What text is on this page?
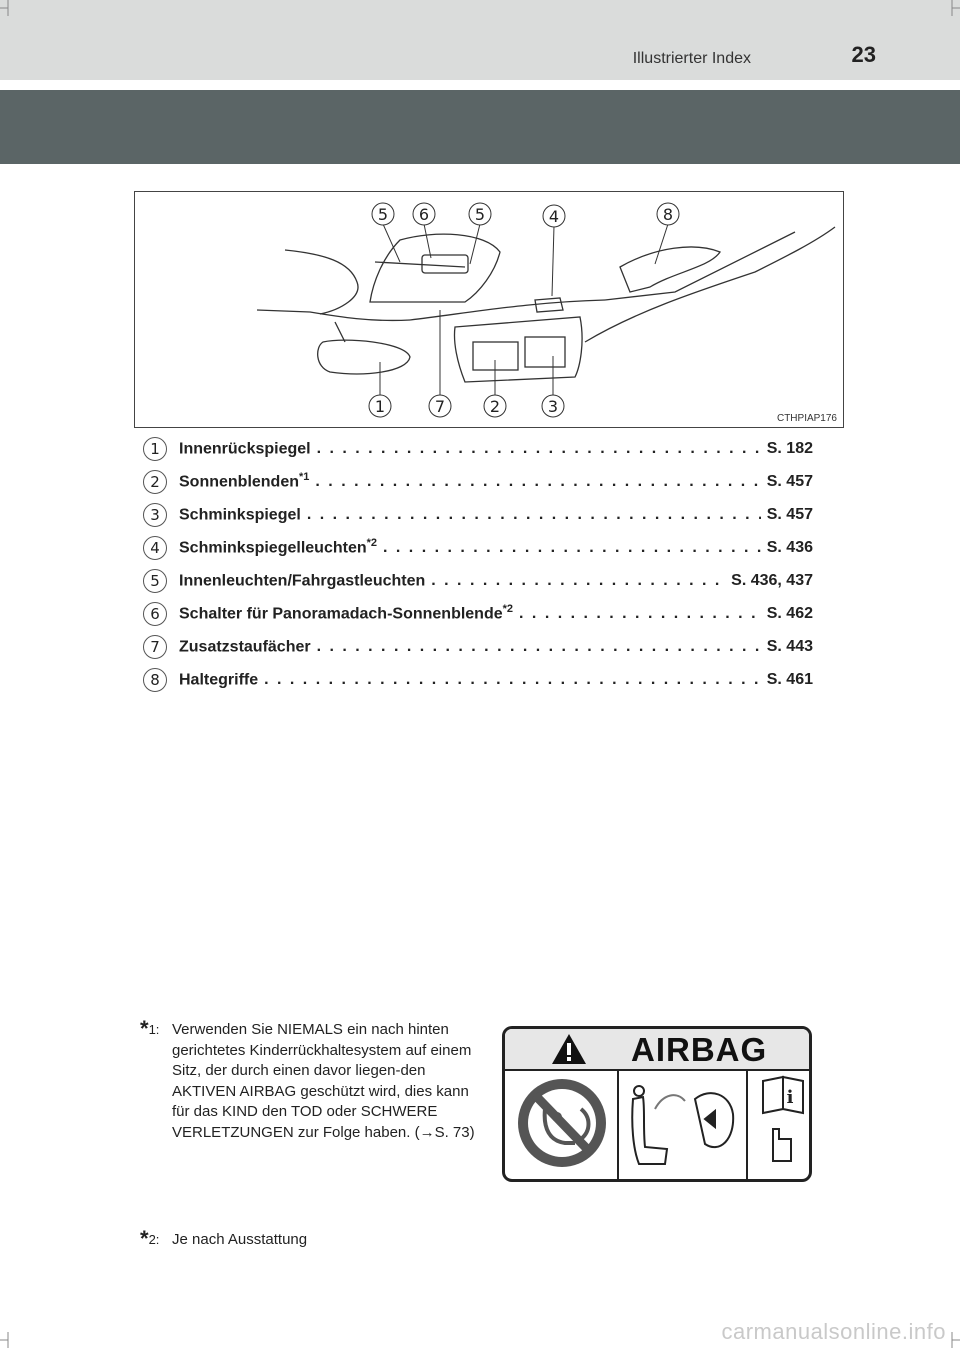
Illustrierter Index	23
5 6	5	4	8
1	7	2	3
CTHPIAP176
1	Innenrückspiegel . . .	S. 182
2	Sonnenblenden$^{*1}$ . . .	S. 457
3	Schminkspiegel . . .	S. 457
4	Schminkspiegelleuchten$^{*2}$ . . .	S. 436
5	Innenleuchten/Fahrgastleuchten . . .	S. 436, 437
6	Schalter für Panoramadach-Sonnenblende$^{*2}$ . . .	S. 462
7	Zusatzstaufächer . . .	S. 443
8	Haltegriffe . . .	S. 461
$*_{1:}$ Verwenden Sie NIEMALS ein nach hinten gerichtetes Kinderrückhaltesystem auf einem Sitz, der durch einen davor liegen-den AKTIVEN AIRBAG geschützt wird, dies kann für das KIND den TOD oder SCHWERE VERLETZUNGEN zur Folge haben. (→S. 73)
AIRBAG
i
$*_{2:}$ Je nach Ausstattung
carmanualsonline.info
